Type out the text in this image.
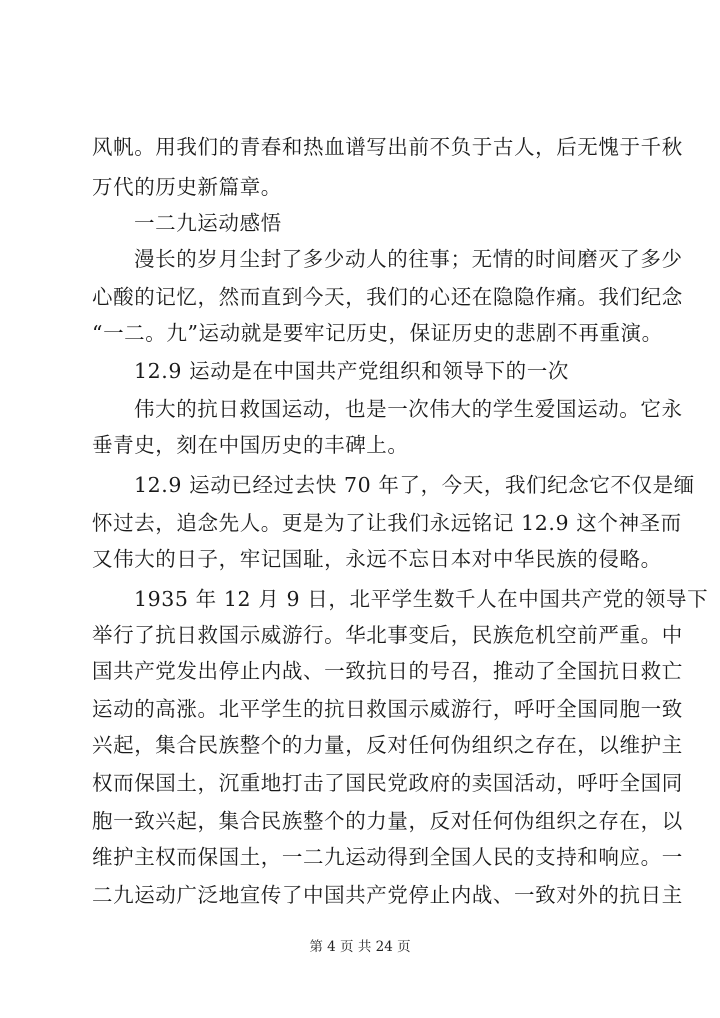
风帆。用我们的青春和热血谱写出前不负于古人，后无愧于千秋
万代的历史新篇章。
一二九运动感悟
漫长的岁月尘封了多少动人的往事；无情的时间磨灭了多少
心酸的记忆，然而直到今天，我们的心还在隐隐作痛。我们纪念
“一二。九”运动就是要牢记历史，保证历史的悲剧不再重演。
12.9 运动是在中国共产党组织和领导下的一次
伟大的抗日救国运动，也是一次伟大的学生爱国运动。它永
垂青史，刻在中国历史的丰碑上。
12.9 运动已经过去快 70 年了，今天，我们纪念它不仅是缅
怀过去，追念先人。更是为了让我们永远铭记 12.9 这个神圣而
又伟大的日子，牢记国耻，永远不忘日本对中华民族的侵略。
1935 年 12 月 9 日，北平学生数千人在中国共产党的领导下
举行了抗日救国示威游行。华北事变后，民族危机空前严重。中
国共产党发出停止内战、一致抗日的号召，推动了全国抗日救亡
运动的高涨。北平学生的抗日救国示威游行，呼吁全国同胞一致
兴起，集合民族整个的力量，反对任何伪组织之存在，以维护主
权而保国土，沉重地打击了国民党政府的卖国活动，呼吁全国同
胞一致兴起，集合民族整个的力量，反对任何伪组织之存在，以
维护主权而保国土，一二九运动得到全国人民的支持和响应。一
二九运动广泛地宣传了中国共产党停止内战、一致对外的抗日主
第 4 页 共 24 页
